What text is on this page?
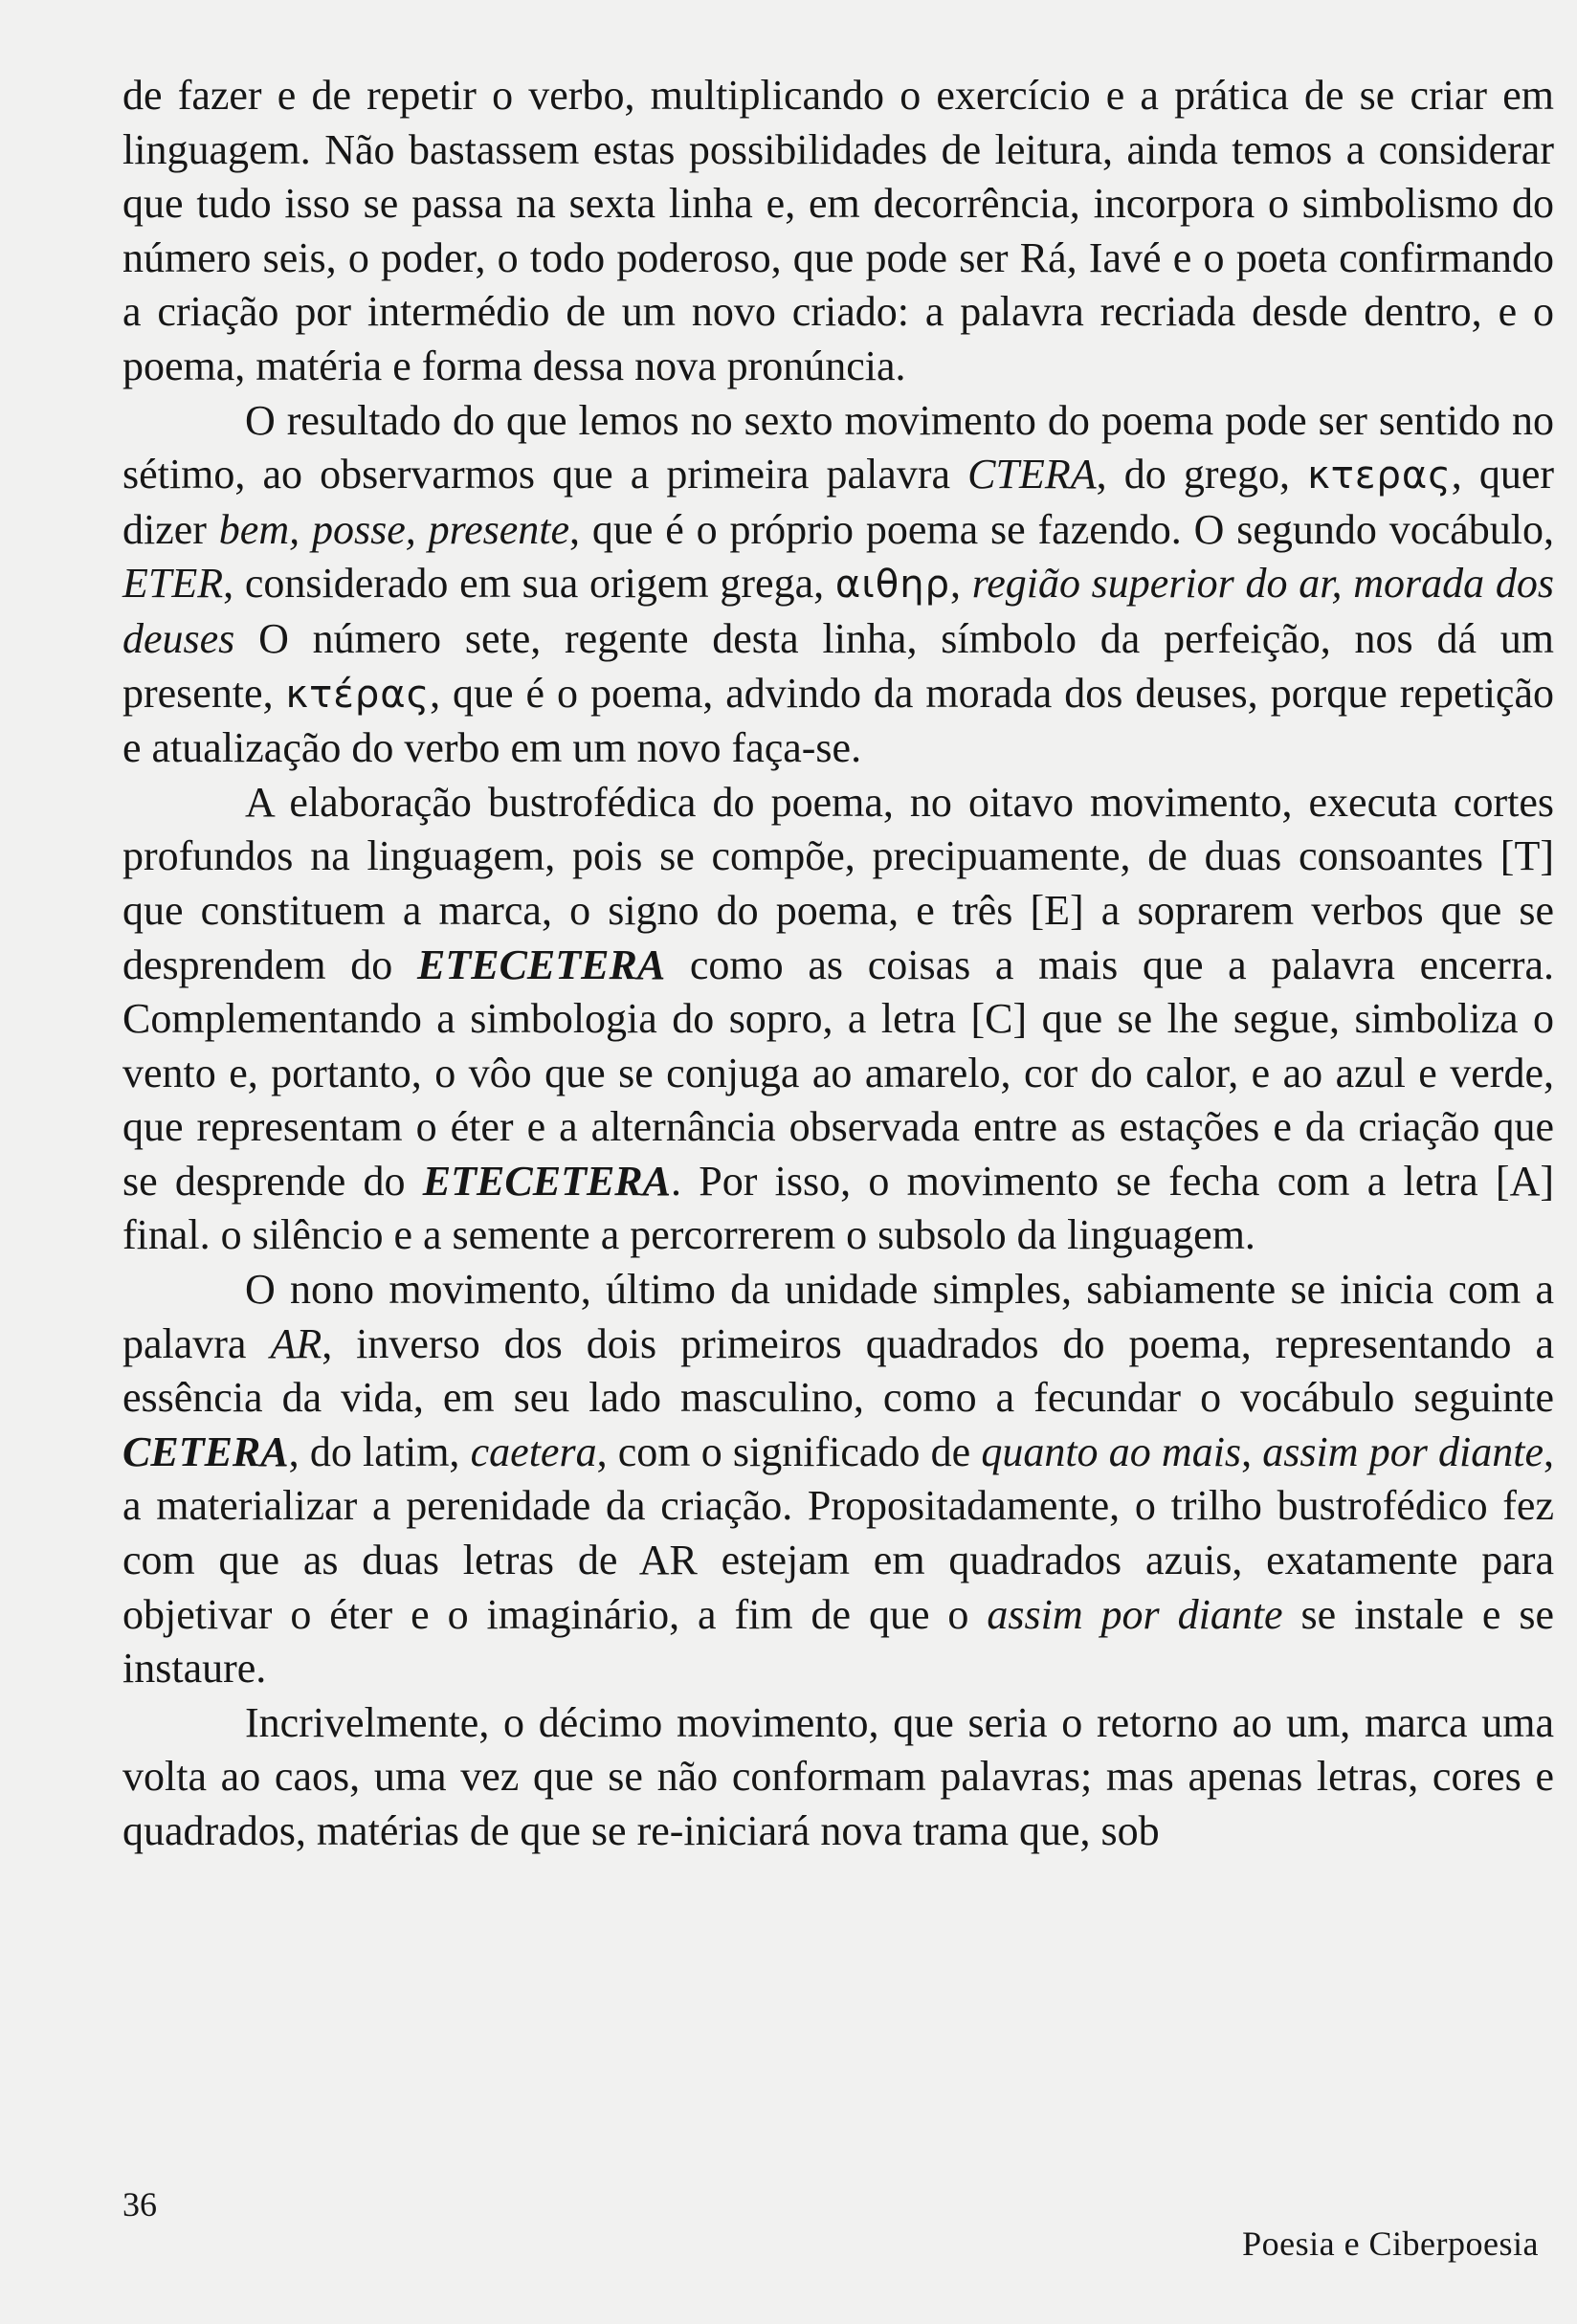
de fazer e de repetir o verbo, multiplicando o exercício e a prática de se criar em linguagem. Não bastassem estas possibilidades de leitura, ainda temos a considerar que tudo isso se passa na sexta linha e, em decorrência, incorpora o simbolismo do número seis, o poder, o todo poderoso, que pode ser Rá, Iavé e o poeta confirmando a criação por intermédio de um novo criado: a palavra recriada desde dentro, e o poema, matéria e forma dessa nova pronúncia.

O resultado do que lemos no sexto movimento do poema pode ser sentido no sétimo, ao observarmos que a primeira palavra CTERA, do grego, κτερας, quer dizer bem, posse, presente, que é o próprio poema se fazendo. O segundo vocábulo, ETER, considerado em sua origem grega, αιθηρ, região superior do ar, morada dos deuses O número sete, regente desta linha, símbolo da perfeição, nos dá um presente, κτέρας, que é o poema, advindo da morada dos deuses, porque repetição e atualização do verbo em um novo faça-se.

A elaboração bustrofédica do poema, no oitavo movimento, executa cortes profundos na linguagem, pois se compõe, precipuamente, de duas consoantes [T] que constituem a marca, o signo do poema, e três [E] a soprarem verbos que se desprendem do ETECETERA como as coisas a mais que a palavra encerra. Complementando a simbologia do sopro, a letra [C] que se lhe segue, simboliza o vento e, portanto, o vôo que se conjuga ao amarelo, cor do calor, e ao azul e verde, que representam o éter e a alternância observada entre as estações e da criação que se desprende do ETECETERA. Por isso, o movimento se fecha com a letra [A] final. o silêncio e a semente a percorrerem o subsolo da linguagem.

O nono movimento, último da unidade simples, sabiamente se inicia com a palavra AR, inverso dos dois primeiros quadrados do poema, representando a essência da vida, em seu lado masculino, como a fecundar o vocábulo seguinte CETERA, do latim, caetera, com o significado de quanto ao mais, assim por diante, a materializar a perenidade da criação. Propositadamente, o trilho bustrofédico fez com que as duas letras de AR estejam em quadrados azuis, exatamente para objetivar o éter e o imaginário, a fim de que o assim por diante se instale e se instaure.

Incrivelmente, o décimo movimento, que seria o retorno ao um, marca uma volta ao caos, uma vez que se não conformam palavras; mas apenas letras, cores e quadrados, matérias de que se re-iniciará nova trama que, sob

36
Poesia e Ciberpoesia
